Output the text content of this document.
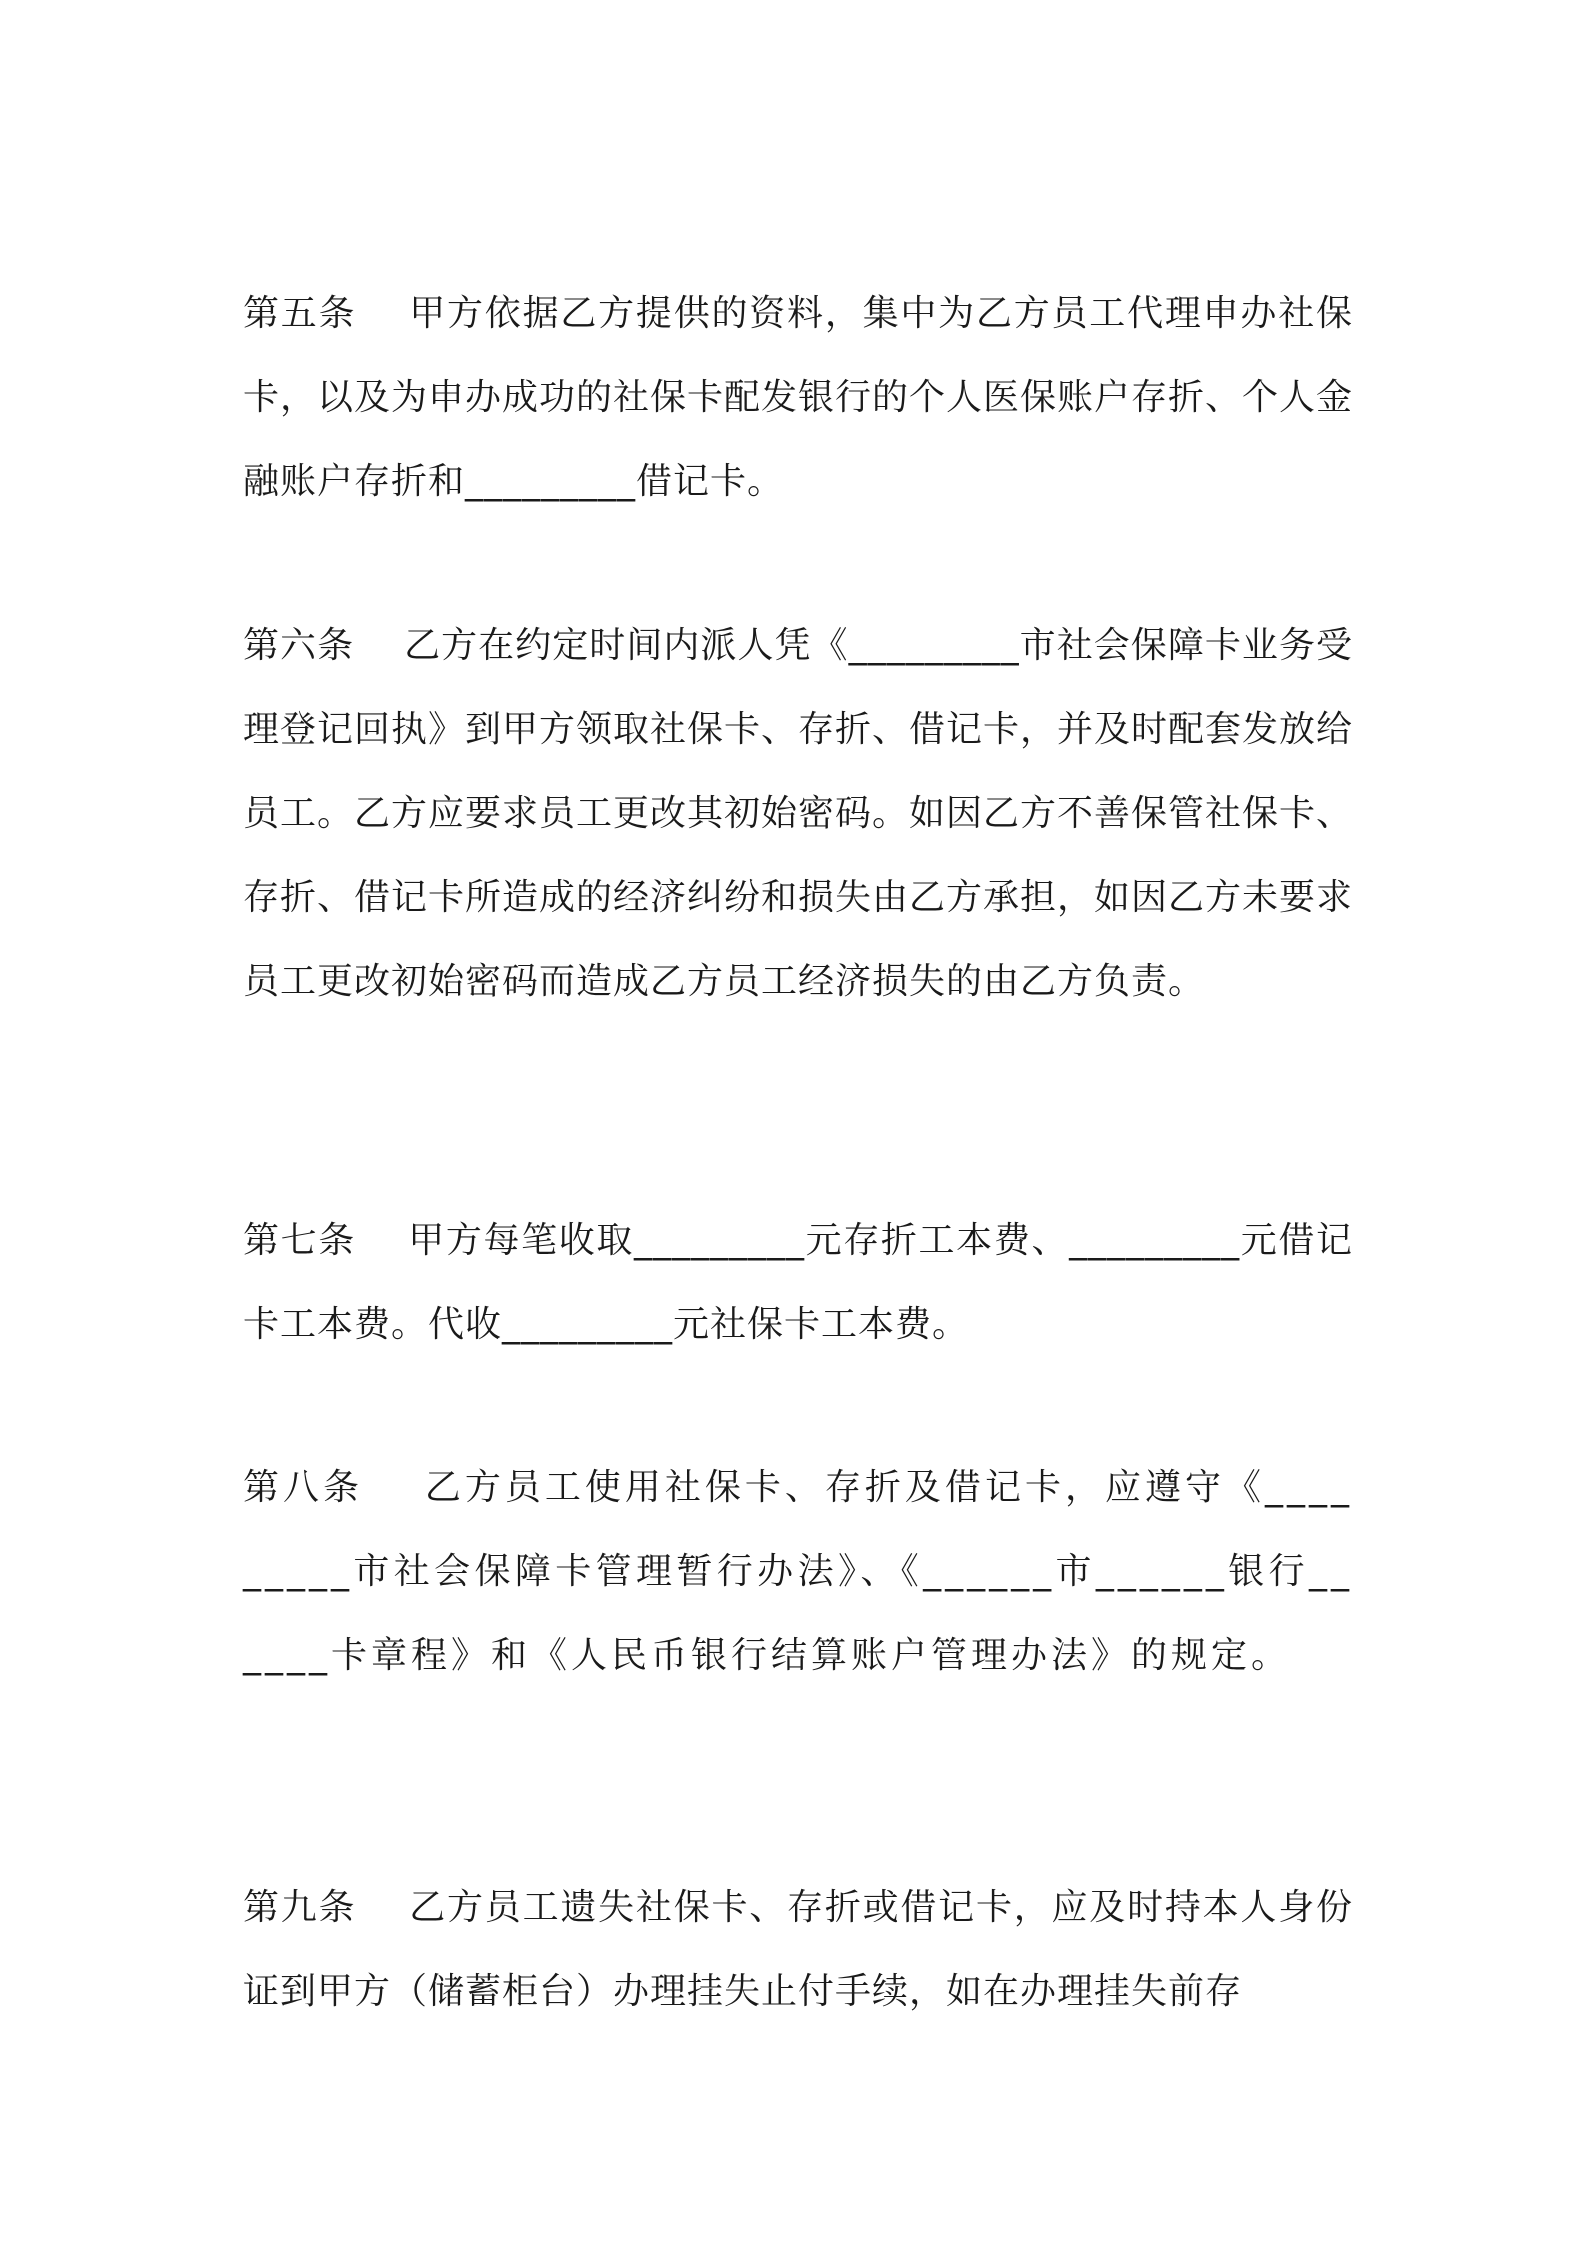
第五条 甲方依据乙方提供的资料，集中为乙方员工代理申办社保卡，以及为申办成功的社保卡配发银行的个人医保账户存折、个人金融账户存折和_________借记卡。

第六条 乙方在约定时间内派人凭《_________市社会保障卡业务受理登记回执》到甲方领取社保卡、存折、借记卡，并及时配套发放给员工。乙方应要求员工更改其初始密码。如因乙方不善保管社保卡、存折、借记卡所造成的经济纠纷和损失由乙方承担，如因乙方未要求员工更改初始密码而造成乙方员工经济损失的由乙方负责。

第七条 甲方每笔收取_________元存折工本费、_________元借记卡工本费。代收_________元社保卡工本费。

第八条 乙方员工使用社保卡、存折及借记卡，应遵守《_________市社会保障卡管理暂行办法》、《______市______银行______卡章程》和《人民币银行结算账户管理办法》的规定。

第九条 乙方员工遗失社保卡、存折或借记卡，应及时持本人身份证到甲方（储蓄柜台）办理挂失止付手续，如在办理挂失前存
